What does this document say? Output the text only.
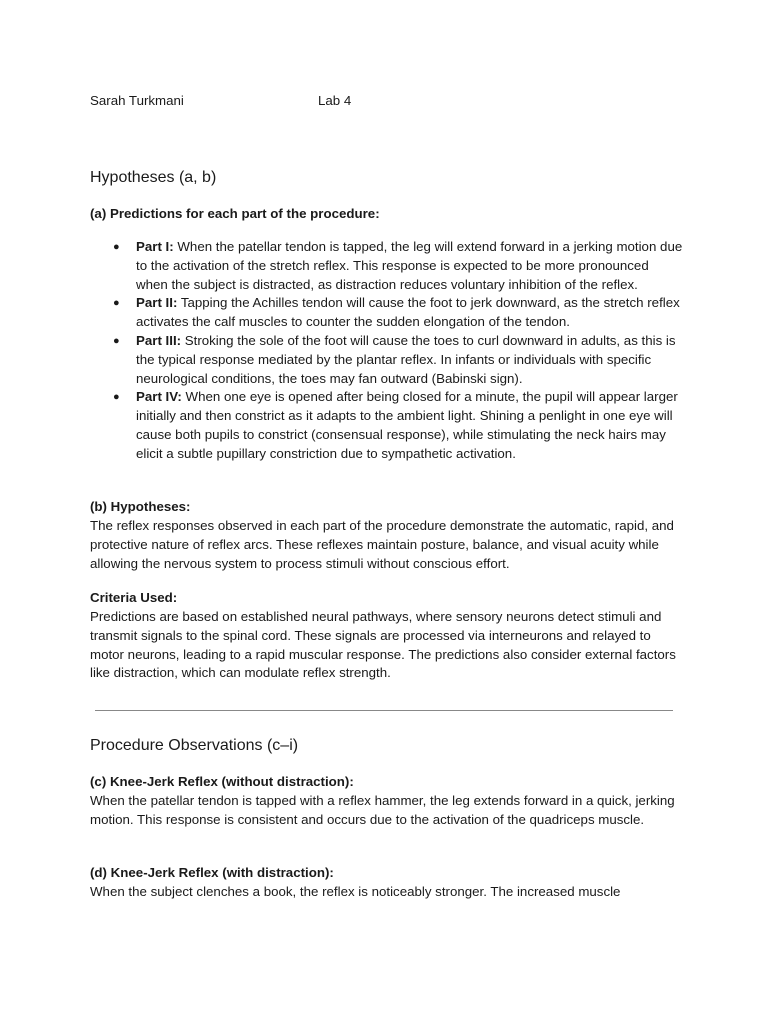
Sarah Turkmani	Lab 4
Hypotheses (a, b)
(a) Predictions for each part of the procedure:
● Part I: When the patellar tendon is tapped, the leg will extend forward in a jerking motion due to the activation of the stretch reflex. This response is expected to be more pronounced when the subject is distracted, as distraction reduces voluntary inhibition of the reflex.
● Part II: Tapping the Achilles tendon will cause the foot to jerk downward, as the stretch reflex activates the calf muscles to counter the sudden elongation of the tendon.
● Part III: Stroking the sole of the foot will cause the toes to curl downward in adults, as this is the typical response mediated by the plantar reflex. In infants or individuals with specific neurological conditions, the toes may fan outward (Babinski sign).
● Part IV: When one eye is opened after being closed for a minute, the pupil will appear larger initially and then constrict as it adapts to the ambient light. Shining a penlight in one eye will cause both pupils to constrict (consensual response), while stimulating the neck hairs may elicit a subtle pupillary constriction due to sympathetic activation.
(b) Hypotheses:

The reflex responses observed in each part of the procedure demonstrate the automatic, rapid, and protective nature of reflex arcs. These reflexes maintain posture, balance, and visual acuity while allowing the nervous system to process stimuli without conscious effort.

Criteria Used:

Predictions are based on established neural pathways, where sensory neurons detect stimuli and transmit signals to the spinal cord. These signals are processed via interneurons and relayed to motor neurons, leading to a rapid muscular response. The predictions also consider external factors like distraction, which can modulate reflex strength.

Procedure Observations (c–i)
(c) Knee-Jerk Reflex (without distraction):

When the patellar tendon is tapped with a reflex hammer, the leg extends forward in a quick, jerking motion. This response is consistent and occurs due to the activation of the quadriceps muscle.

(d) Knee-Jerk Reflex (with distraction):

When the subject clenches a book, the reflex is noticeably stronger. The increased muscle
